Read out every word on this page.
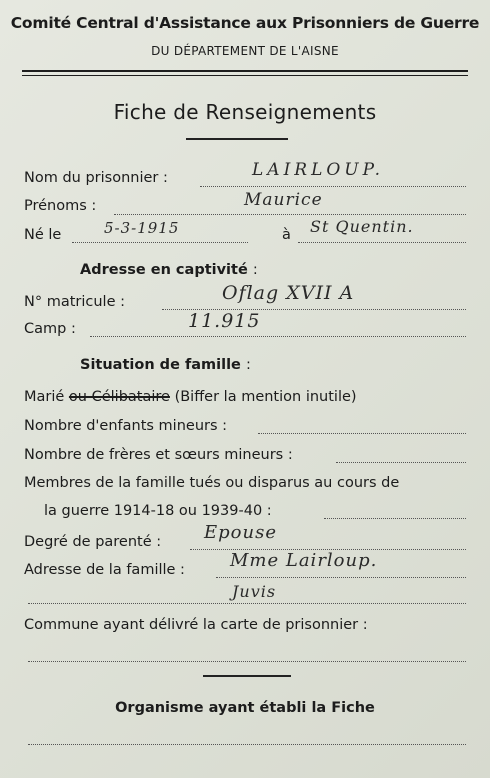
Comité Central d'Assistance aux Prisonniers de Guerre
DU DÉPARTEMENT DE L'AISNE
Fiche de Renseignements
Nom du prisonnier :	LAIRLOUP.
Prénoms :	Maurice
Né le	5-3-1915	à St Quentin.
Adresse en captivité :
N° matricule :	Oflag XVII A
Camp :	11.915
Situation de famille :
Marié ou Célibataire (Biffer la mention inutile)
Nombre d'enfants mineurs :
Nombre de frères et sœurs mineurs :
Membres de la famille tués ou disparus au cours de
la guerre 1914-18 ou 1939-40 :
Degré de parenté : Epouse
Adresse de la famille :	Mme Lairloup.
Juvis
Commune ayant délivré la carte de prisonnier :
Organisme ayant établi la Fiche
